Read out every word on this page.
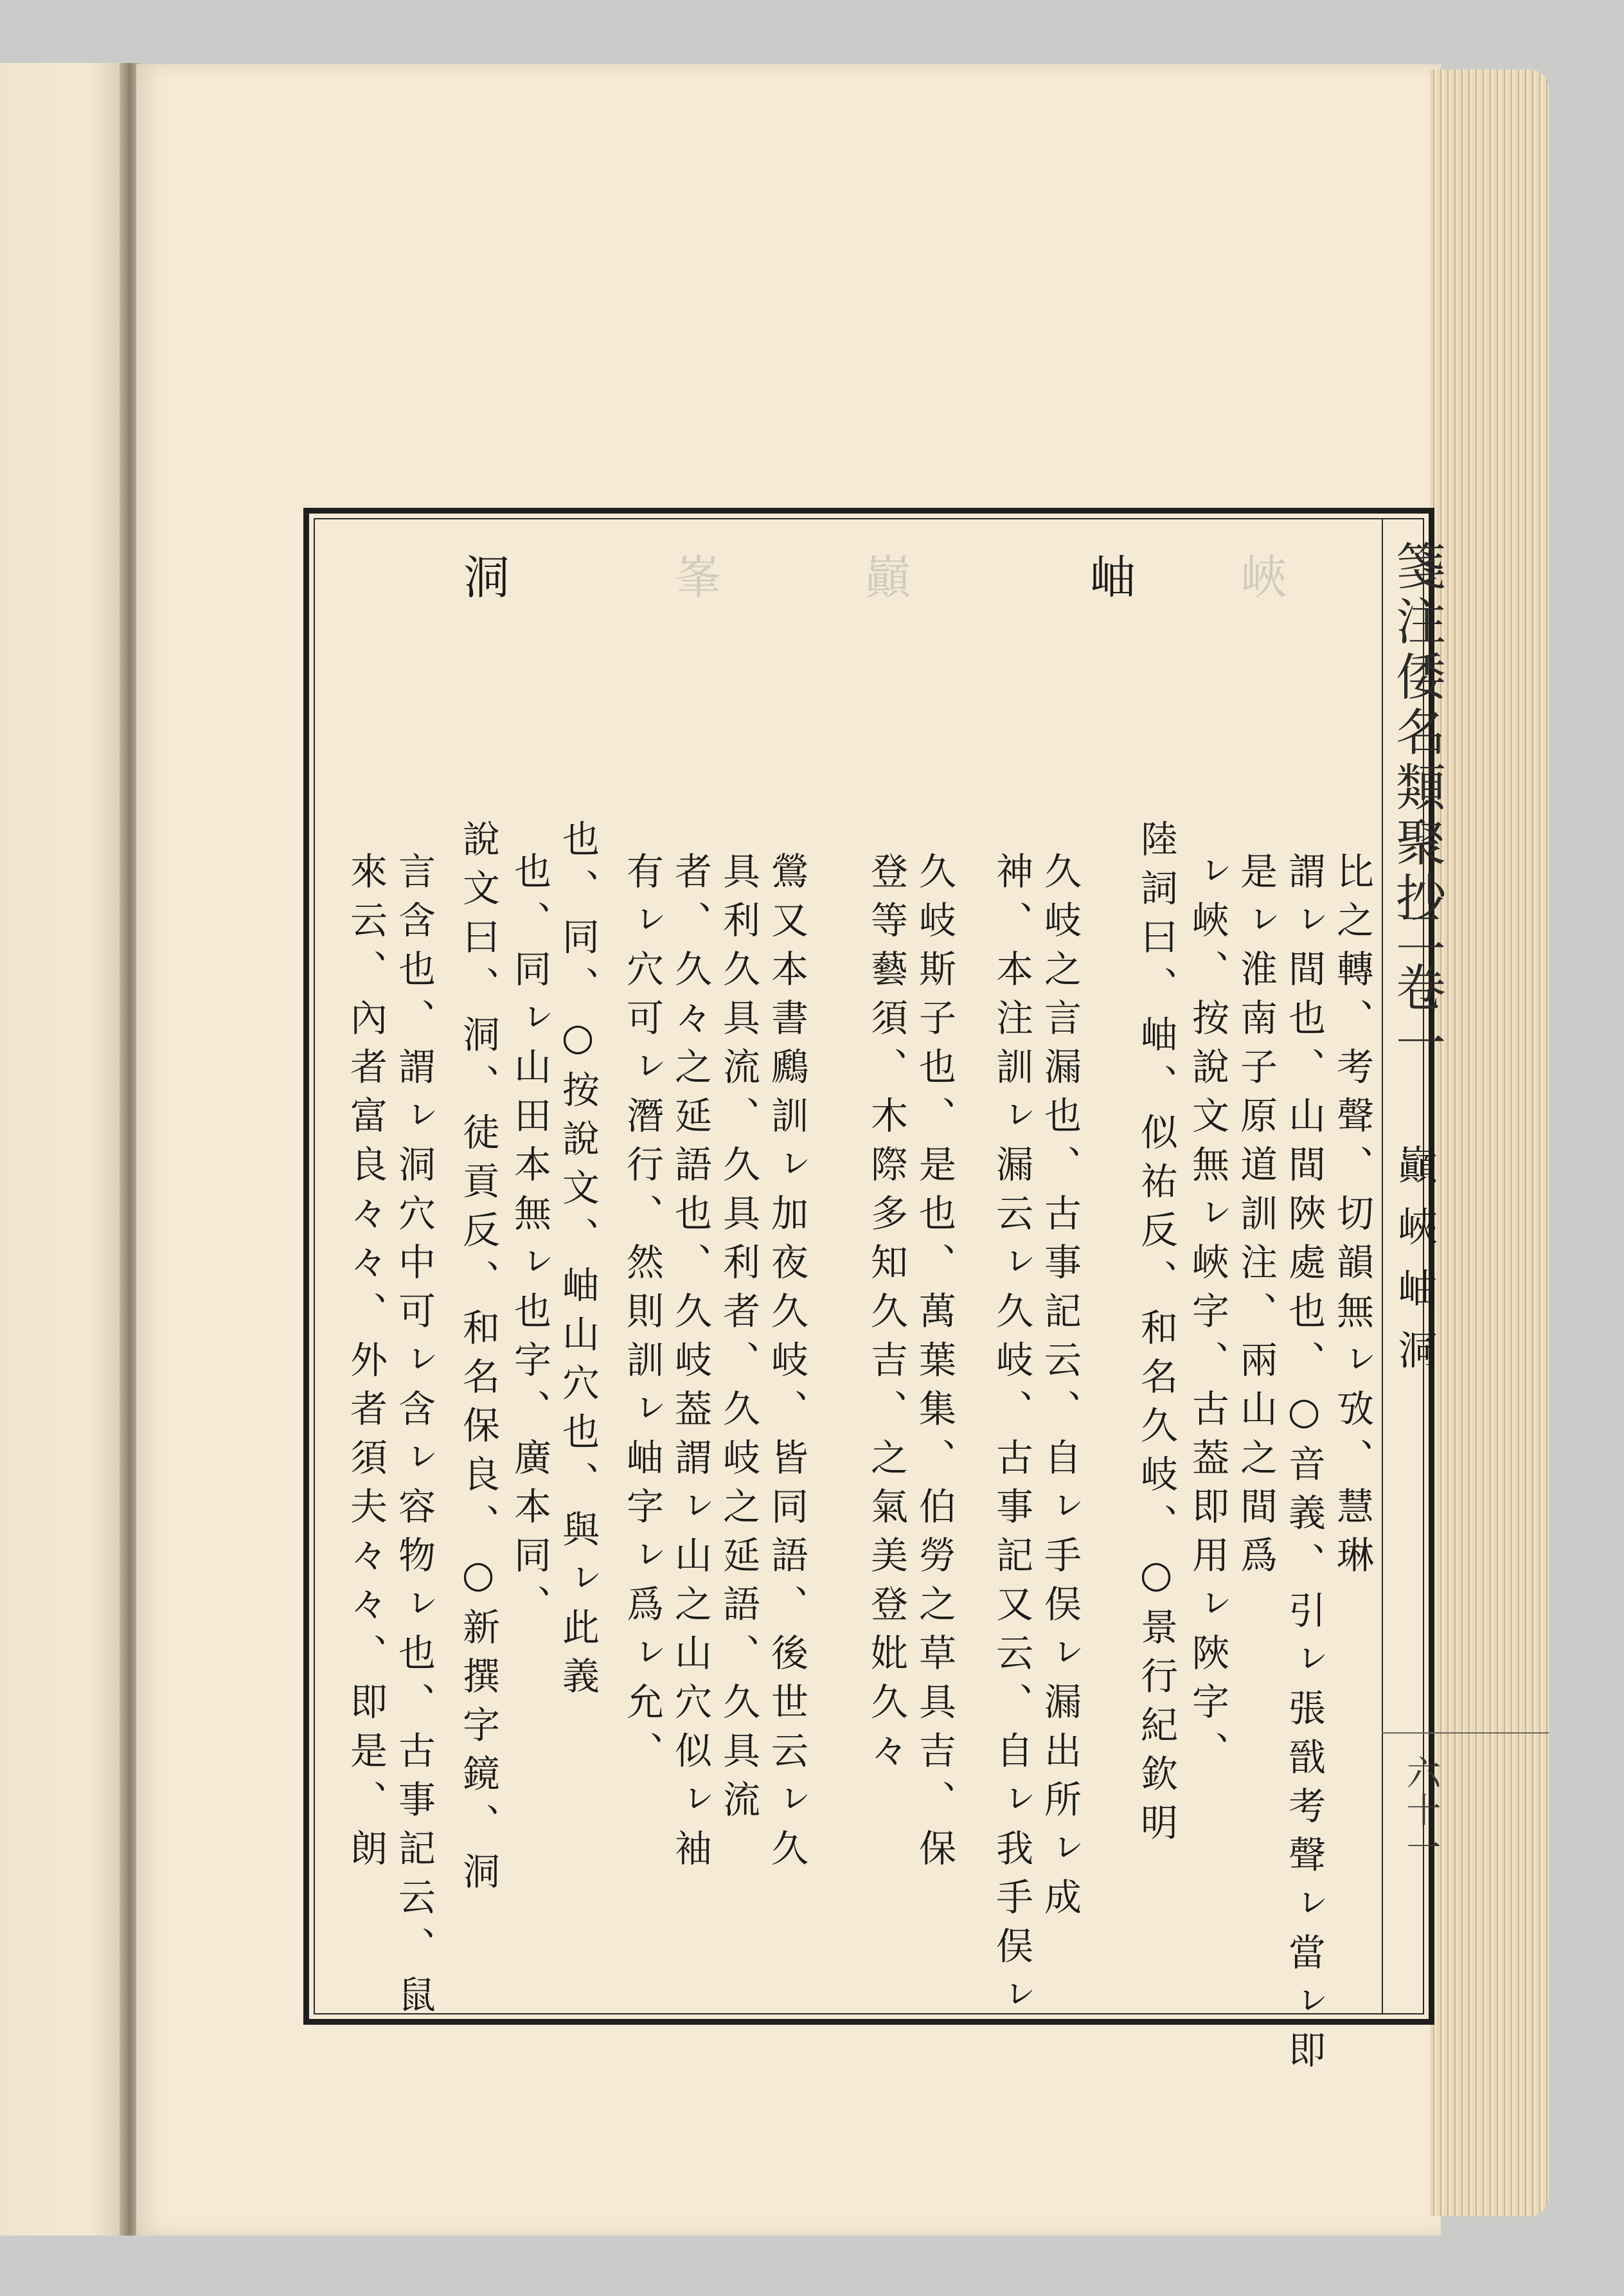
箋注倭名類聚抄
二卷一
巓峽岫洞
六十一
岫 峽
巓
峯
洞
比之轉、考聲、切韻無ㇾ攷、慧琳
謂ㇾ間也、山間陜處也、○音義、引ㇾ張戩考聲ㇾ當ㇾ即
是ㇾ淮南子原道訓注、兩山之間爲
ㇾ峽、按說文無ㇾ峽字、古葢即用ㇾ陜字、
陸詞曰、岫、似祐反、和名久岐、○景行紀欽明
久岐之言漏也、古事記云、自ㇾ手俣ㇾ漏出所ㇾ成
神、本注訓ㇾ漏云ㇾ久岐、古事記又云、自ㇾ我手俣ㇾ
久岐斯子也、是也、萬葉集、伯勞之草具吉、保
登等藝須、木際多知久吉、之氣美登妣久々
鶯又本書鷉訓ㇾ加夜久岐、皆同語、後世云ㇾ久
具利久具流、久具利者、久岐之延語、久具流
者、久々之延語也、久岐葢謂ㇾ山之山穴似ㇾ袖
有ㇾ穴可ㇾ潛行、然則訓ㇾ岫字ㇾ爲ㇾ允、
也、同、○按說文、岫山穴也、與ㇾ此義
也、同ㇾ山田本無ㇾ也字、廣本同、
說文曰、洞、徒貢反、和名保良、○新撰字鏡、洞
言含也、謂ㇾ洞穴中可ㇾ含ㇾ容物ㇾ也、古事記云、鼠
來云、內者富良々々、外者須夫々々、即是、朗
